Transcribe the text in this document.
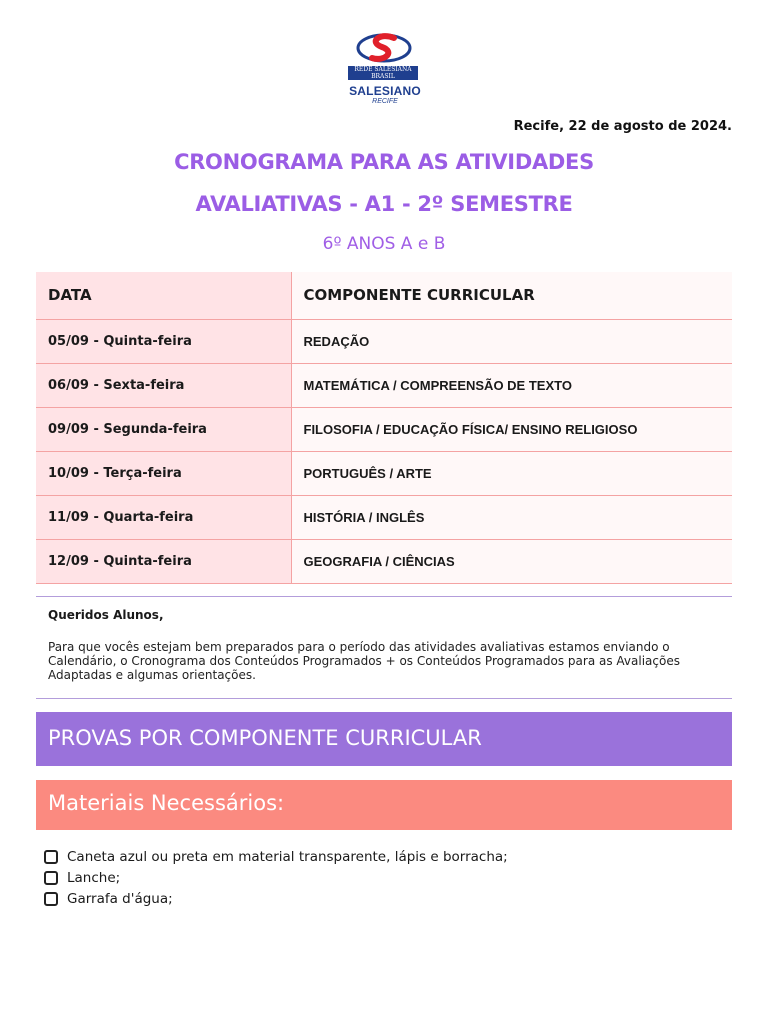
REDE SALESIANA
BRASIL
SALESIANO
RECIFE
Recife, 22 de agosto de 2024.
CRONOGRAMA PARA AS ATIVIDADES
AVALIATIVAS - A1 - 2º SEMESTRE
6º ANOS A e B
DATA	COMPONENTE CURRICULAR
05/09 - Quinta-feira	REDAÇÃO
06/09 - Sexta-feira	MATEMÁTICA / COMPREENSÃO DE TEXTO
09/09 - Segunda-feira	FILOSOFIA / EDUCAÇÃO FÍSICA/ ENSINO RELIGIOSO
10/09 - Terça-feira	PORTUGUÊS / ARTE
11/09 - Quarta-feira	HISTÓRIA / INGLÊS
12/09 - Quinta-feira	GEOGRAFIA / CIÊNCIAS
Queridos Alunos,
Para que vocês estejam bem preparados para o período das atividades avaliativas estamos enviando o Calendário, o Cronograma dos Conteúdos Programados + os Conteúdos Programados para as Avaliações Adaptadas e algumas orientações.
PROVAS POR COMPONENTE CURRICULAR
Materiais Necessários:
Caneta azul ou preta em material transparente, lápis e borracha;
Lanche;
Garrafa d'água;
